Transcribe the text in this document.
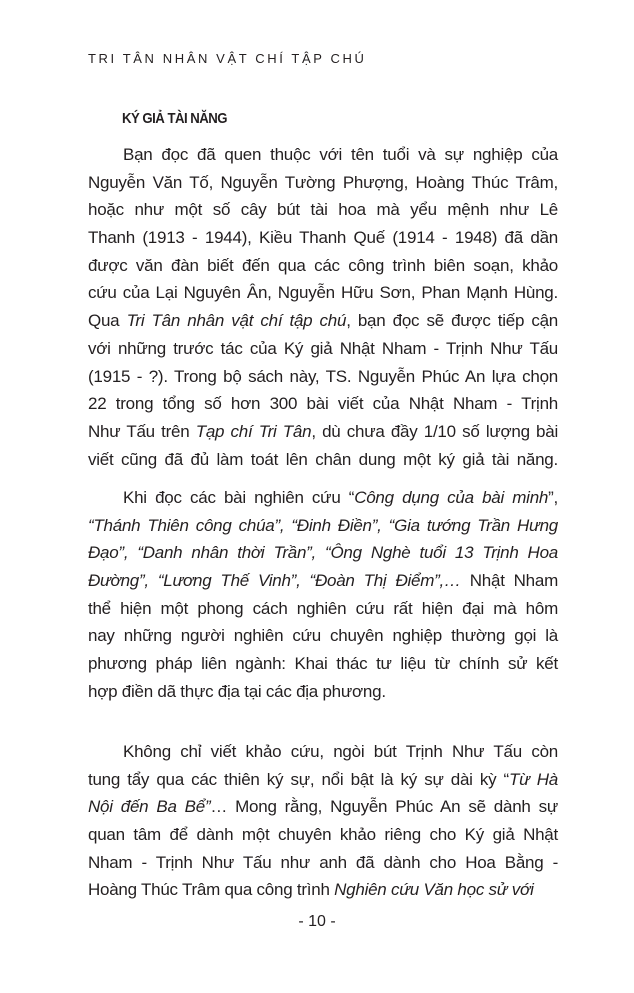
TRI TÂN NHÂN VẬT CHÍ TẬP CHÚ
KÝ GIẢ TÀI NĂNG
Bạn đọc đã quen thuộc với tên tuổi và sự nghiệp của
Nguyễn Văn Tố, Nguyễn Tường Phượng, Hoàng Thúc Trâm,
hoặc như một số cây bút tài hoa mà yểu mệnh như Lê
Thanh (1913 - 1944), Kiều Thanh Quế (1914 - 1948) đã dần
được văn đàn biết đến qua các công trình biên soạn, khảo
cứu của Lại Nguyên Ân, Nguyễn Hữu Sơn, Phan Mạnh Hùng.
Qua Tri Tân nhân vật chí tập chú, bạn đọc sẽ được tiếp cận
với những trước tác của Ký giả Nhật Nham - Trịnh Như Tấu
(1915 - ?). Trong bộ sách này, TS. Nguyễn Phúc An lựa chọn
22 trong tổng số hơn 300 bài viết của Nhật Nham - Trịnh
Như Tấu trên Tạp chí Tri Tân, dù chưa đầy 1/10 số lượng bài
viết cũng đã đủ làm toát lên chân dung một ký giả tài năng.
Khi đọc các bài nghiên cứu “Công dụng của bài minh”,
“Thánh Thiên công chúa”, “Đinh Điền”, “Gia tướng Trần Hưng
Đạo”, “Danh nhân thời Trần”, “Ông Nghè tuổi 13 Trịnh Hoa
Đường”, “Lương Thế Vinh”, “Đoàn Thị Điểm”,… Nhật Nham
thể hiện một phong cách nghiên cứu rất hiện đại mà hôm
nay những người nghiên cứu chuyên nghiệp thường gọi là
phương pháp liên ngành: Khai thác tư liệu từ chính sử kết
hợp điền dã thực địa tại các địa phương.
Không chỉ viết khảo cứu, ngòi bút Trịnh Như Tấu còn
tung tẩy qua các thiên ký sự, nổi bật là ký sự dài kỳ “Từ Hà
Nội đến Ba Bể”… Mong rằng, Nguyễn Phúc An sẽ dành sự
quan tâm để dành một chuyên khảo riêng cho Ký giả Nhật
Nham - Trịnh Như Tấu như anh đã dành cho Hoa Bằng -
Hoàng Thúc Trâm qua công trình Nghiên cứu Văn học sử với
- 10 -
